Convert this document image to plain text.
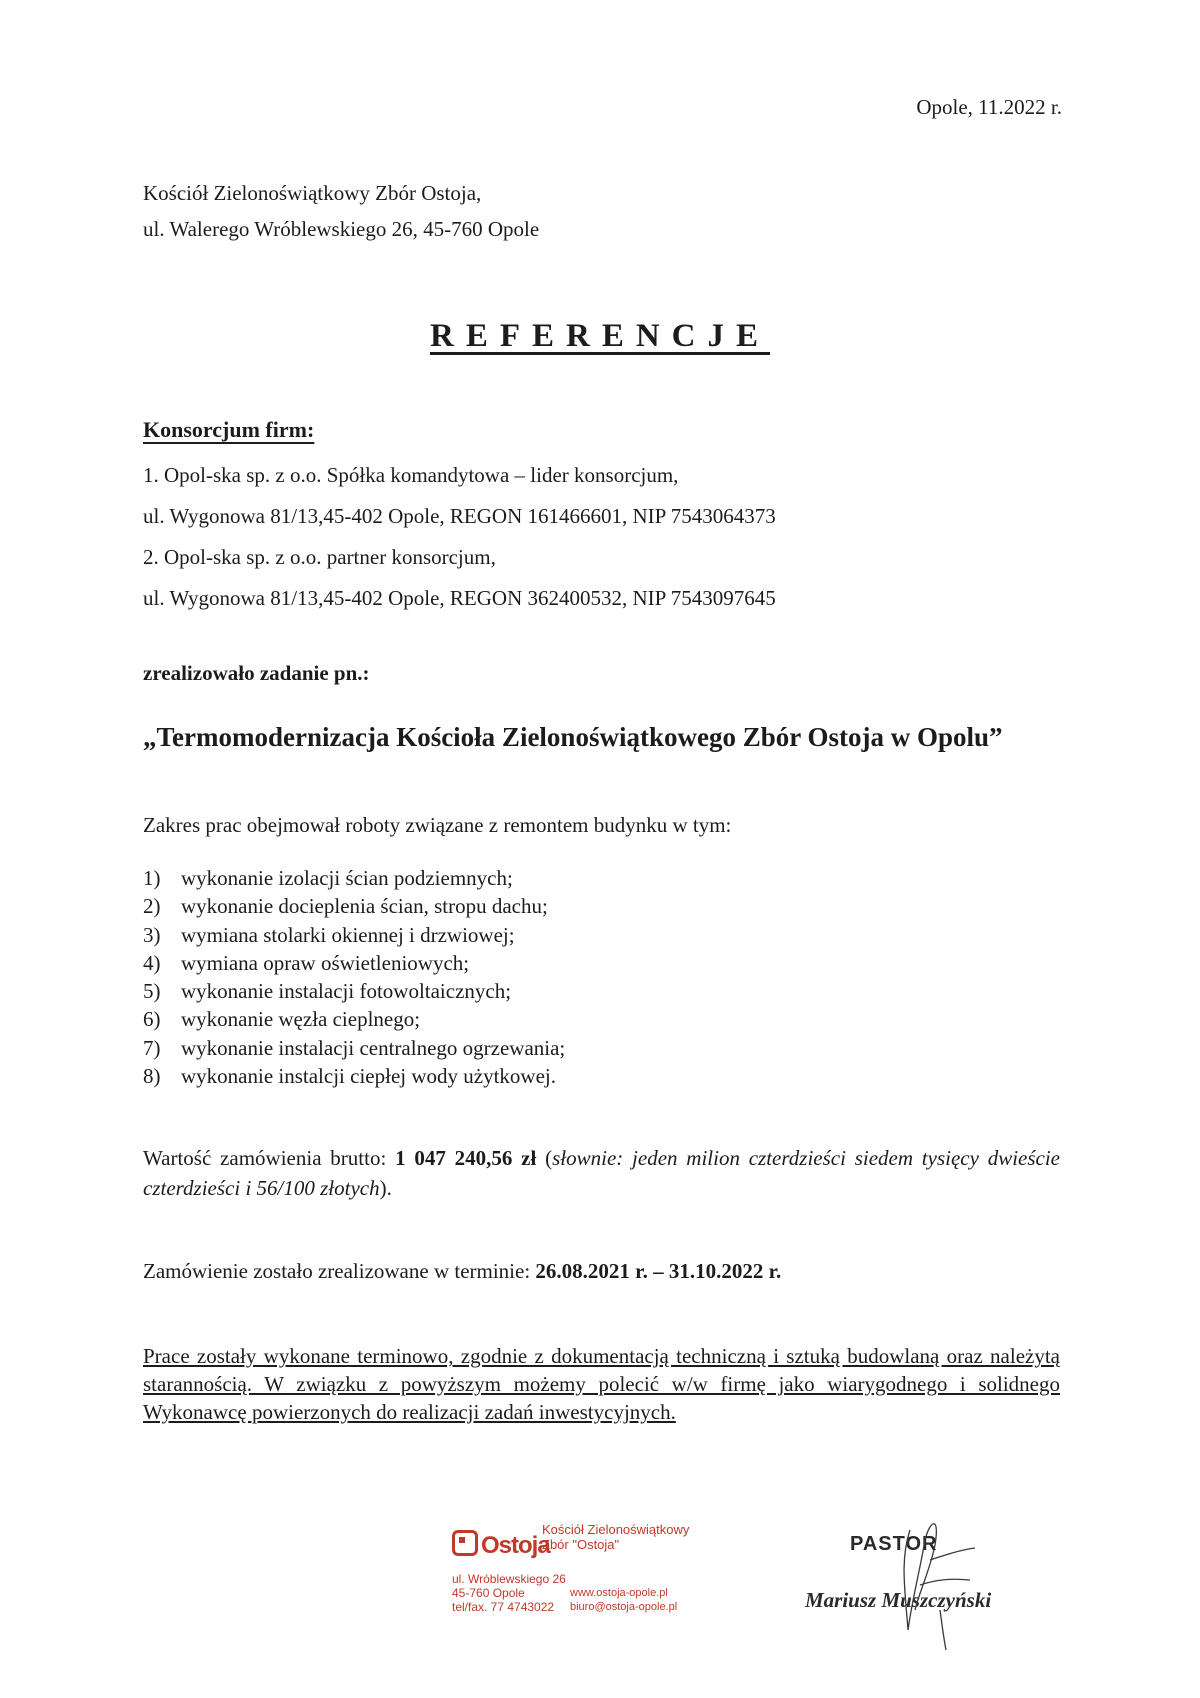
Opole, 11.2022 r.
Kościół Zielonoświątkowy Zbór Ostoja,
ul. Walerego Wróblewskiego 26, 45-760 Opole
REFERENCJE
Konsorcjum firm:
1. Opol-ska sp. z o.o. Spółka komandytowa – lider konsorcjum,
ul. Wygonowa 81/13,45-402 Opole, REGON 161466601, NIP 7543064373
2. Opol-ska sp. z o.o. partner konsorcjum,
ul. Wygonowa 81/13,45-402 Opole, REGON 362400532, NIP 7543097645
zrealizowało zadanie pn.:
„Termomodernizacja Kościoła Zielonoświątkowego Zbór Ostoja w Opolu”
Zakres prac obejmował roboty związane z remontem budynku w tym:
1) wykonanie izolacji ścian podziemnych;
2) wykonanie docieplenia ścian, stropu dachu;
3) wymiana stolarki okiennej i drzwiowej;
4) wymiana opraw oświetleniowych;
5) wykonanie instalacji fotowoltaicznych;
6) wykonanie węzła cieplnego;
7) wykonanie instalacji centralnego ogrzewania;
8) wykonanie instalcji ciepłej wody użytkowej.
Wartość zamówienia brutto: 1 047 240,56 zł (słownie: jeden milion czterdzieści siedem tysięcy dwieście czterdzieści i 56/100 złotych).
Zamówienie zostało zrealizowane w terminie: 26.08.2021 r. – 31.10.2022 r.
Prace zostały wykonane terminowo, zgodnie z dokumentacją techniczną i sztuką budowlaną oraz należytą starannością. W związku z powyższym możemy polecić w/w firmę jako wiarygodnego i solidnego Wykonawcę powierzonych do realizacji zadań inwestycyjnych.
Ostoja
Kościół Zielonoświątkowy
Zbór "Ostoja"
ul. Wróblewskiego 26
45-760 Opole
tel/fax. 77 4743022
www.ostoja-opole.pl
biuro@ostoja-opole.pl
PASTOR
Mariusz Muszczyński
